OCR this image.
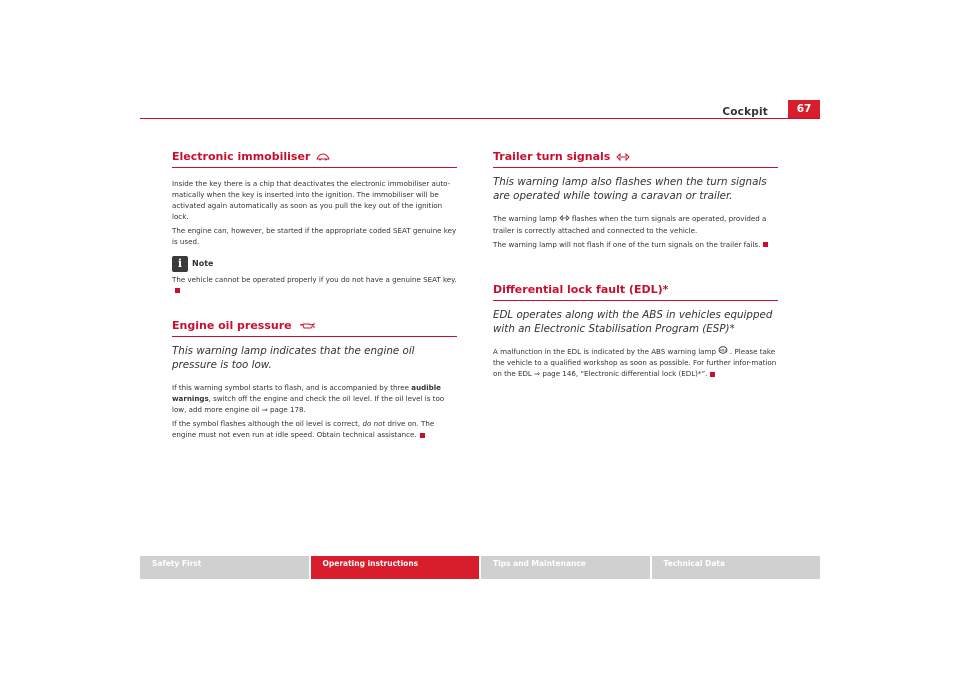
Cockpit	67
Electronic immobiliser

Inside the key there is a chip that deactivates the electronic immobiliser auto-matically when the key is inserted into the ignition. The immobiliser will be activated again automatically as soon as you pull the key out of the ignition lock.

The engine can, however, be started if the appropriate coded SEAT genuine key is used.

i	Note

The vehicle cannot be operated properly if you do not have a genuine SEAT key.

Engine oil pressure

This warning lamp indicates that the engine oil pressure is too low.

If this warning symbol starts to flash, and is accompanied by three audible warnings, switch off the engine and check the oil level. If the oil level is too low, add more engine oil ⇒ page 178.

If the symbol flashes although the oil level is correct, do not drive on. The engine must not even run at idle speed. Obtain technical assistance.

Trailer turn signals

This warning lamp also flashes when the turn signals are operated while towing a caravan or trailer.

The warning lamp flashes when the turn signals are operated, provided a trailer is correctly attached and connected to the vehicle.

The warning lamp will not flash if one of the turn signals on the trailer fails.

Differential lock fault (EDL)*

EDL operates along with the ABS in vehicles equipped with an Electronic Stabilisation Program (ESP)*

A malfunction in the EDL is indicated by the ABS warning lamp ABS . Please take the vehicle to a qualified workshop as soon as possible. For further infor-mation on the EDL ⇒ page 146, “Electronic differential lock (EDL)*”.

Safety First	Operating instructions	Tips and Maintenance	Technical Data
